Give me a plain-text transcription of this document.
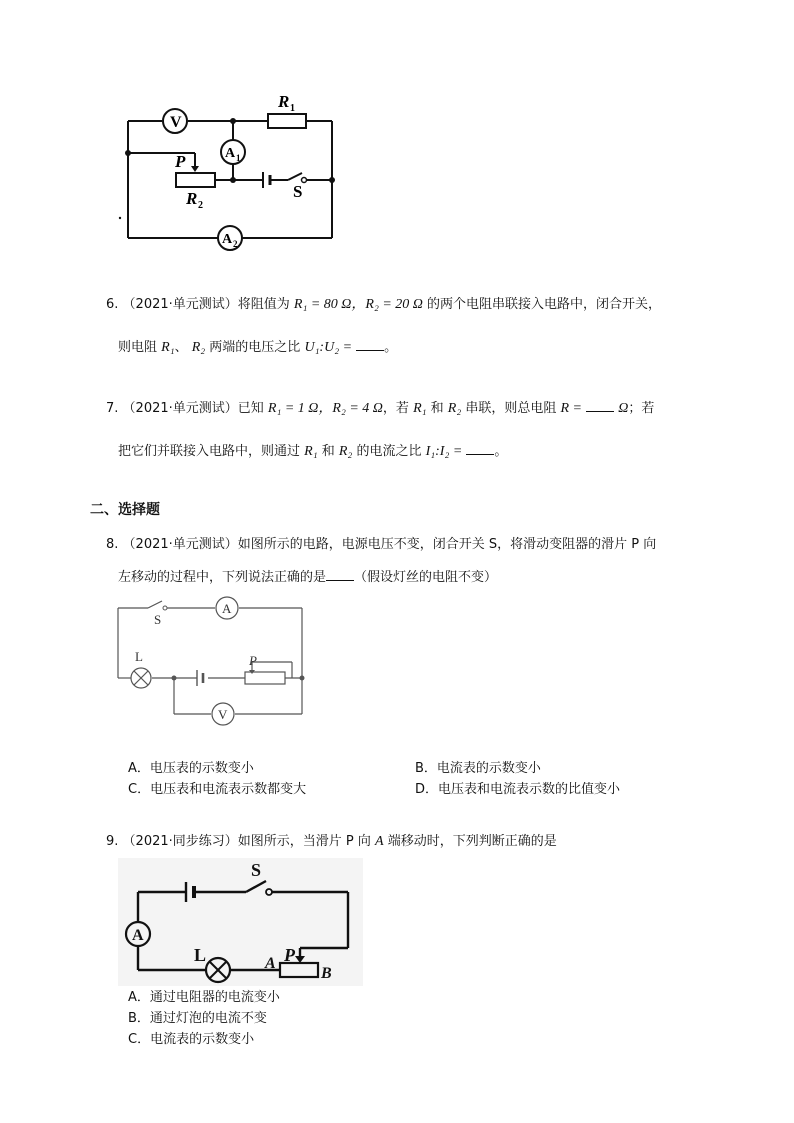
V
A 1
A 2
R 1
R 2
P
S
6. （2021·单元测试）将阻值为 R₁ = 80 Ω，R₂ = 20 Ω 的两个电阻串联接入电路中，闭合开关，
则电阻 R₁、 R₂ 两端的电压之比 U₁:U₂ = 。
7. （2021·单元测试）已知 R₁ = 1 Ω，R₂ = 4 Ω，若 R₁ 和 R₂ 串联，则总电阻 R =	Ω；若
把它们并联接入电路中，则通过 R₁ 和 R₂ 的电流之比 I₁:I₂ = 。
二、选择题
8. （2021·单元测试）如图所示的电路，电源电压不变，闭合开关 S，将滑动变阻器的滑片 P 向
左移动的过程中，下列说法正确的是 （假设灯丝的电阻不变）
S
A
L	P
V
A．电压表的示数变小	B．电流表的示数变小
C．电压表和电流表示数都变大	D．电压表和电流表示数的比值变小
9. （2021·同步练习）如图所示，当滑片 P 向 A 端移动时，下列判断正确的是
S
A
L	P
A
B
A．通过电阻器的电流变小
B．通过灯泡的电流不变
C．电流表的示数变小
